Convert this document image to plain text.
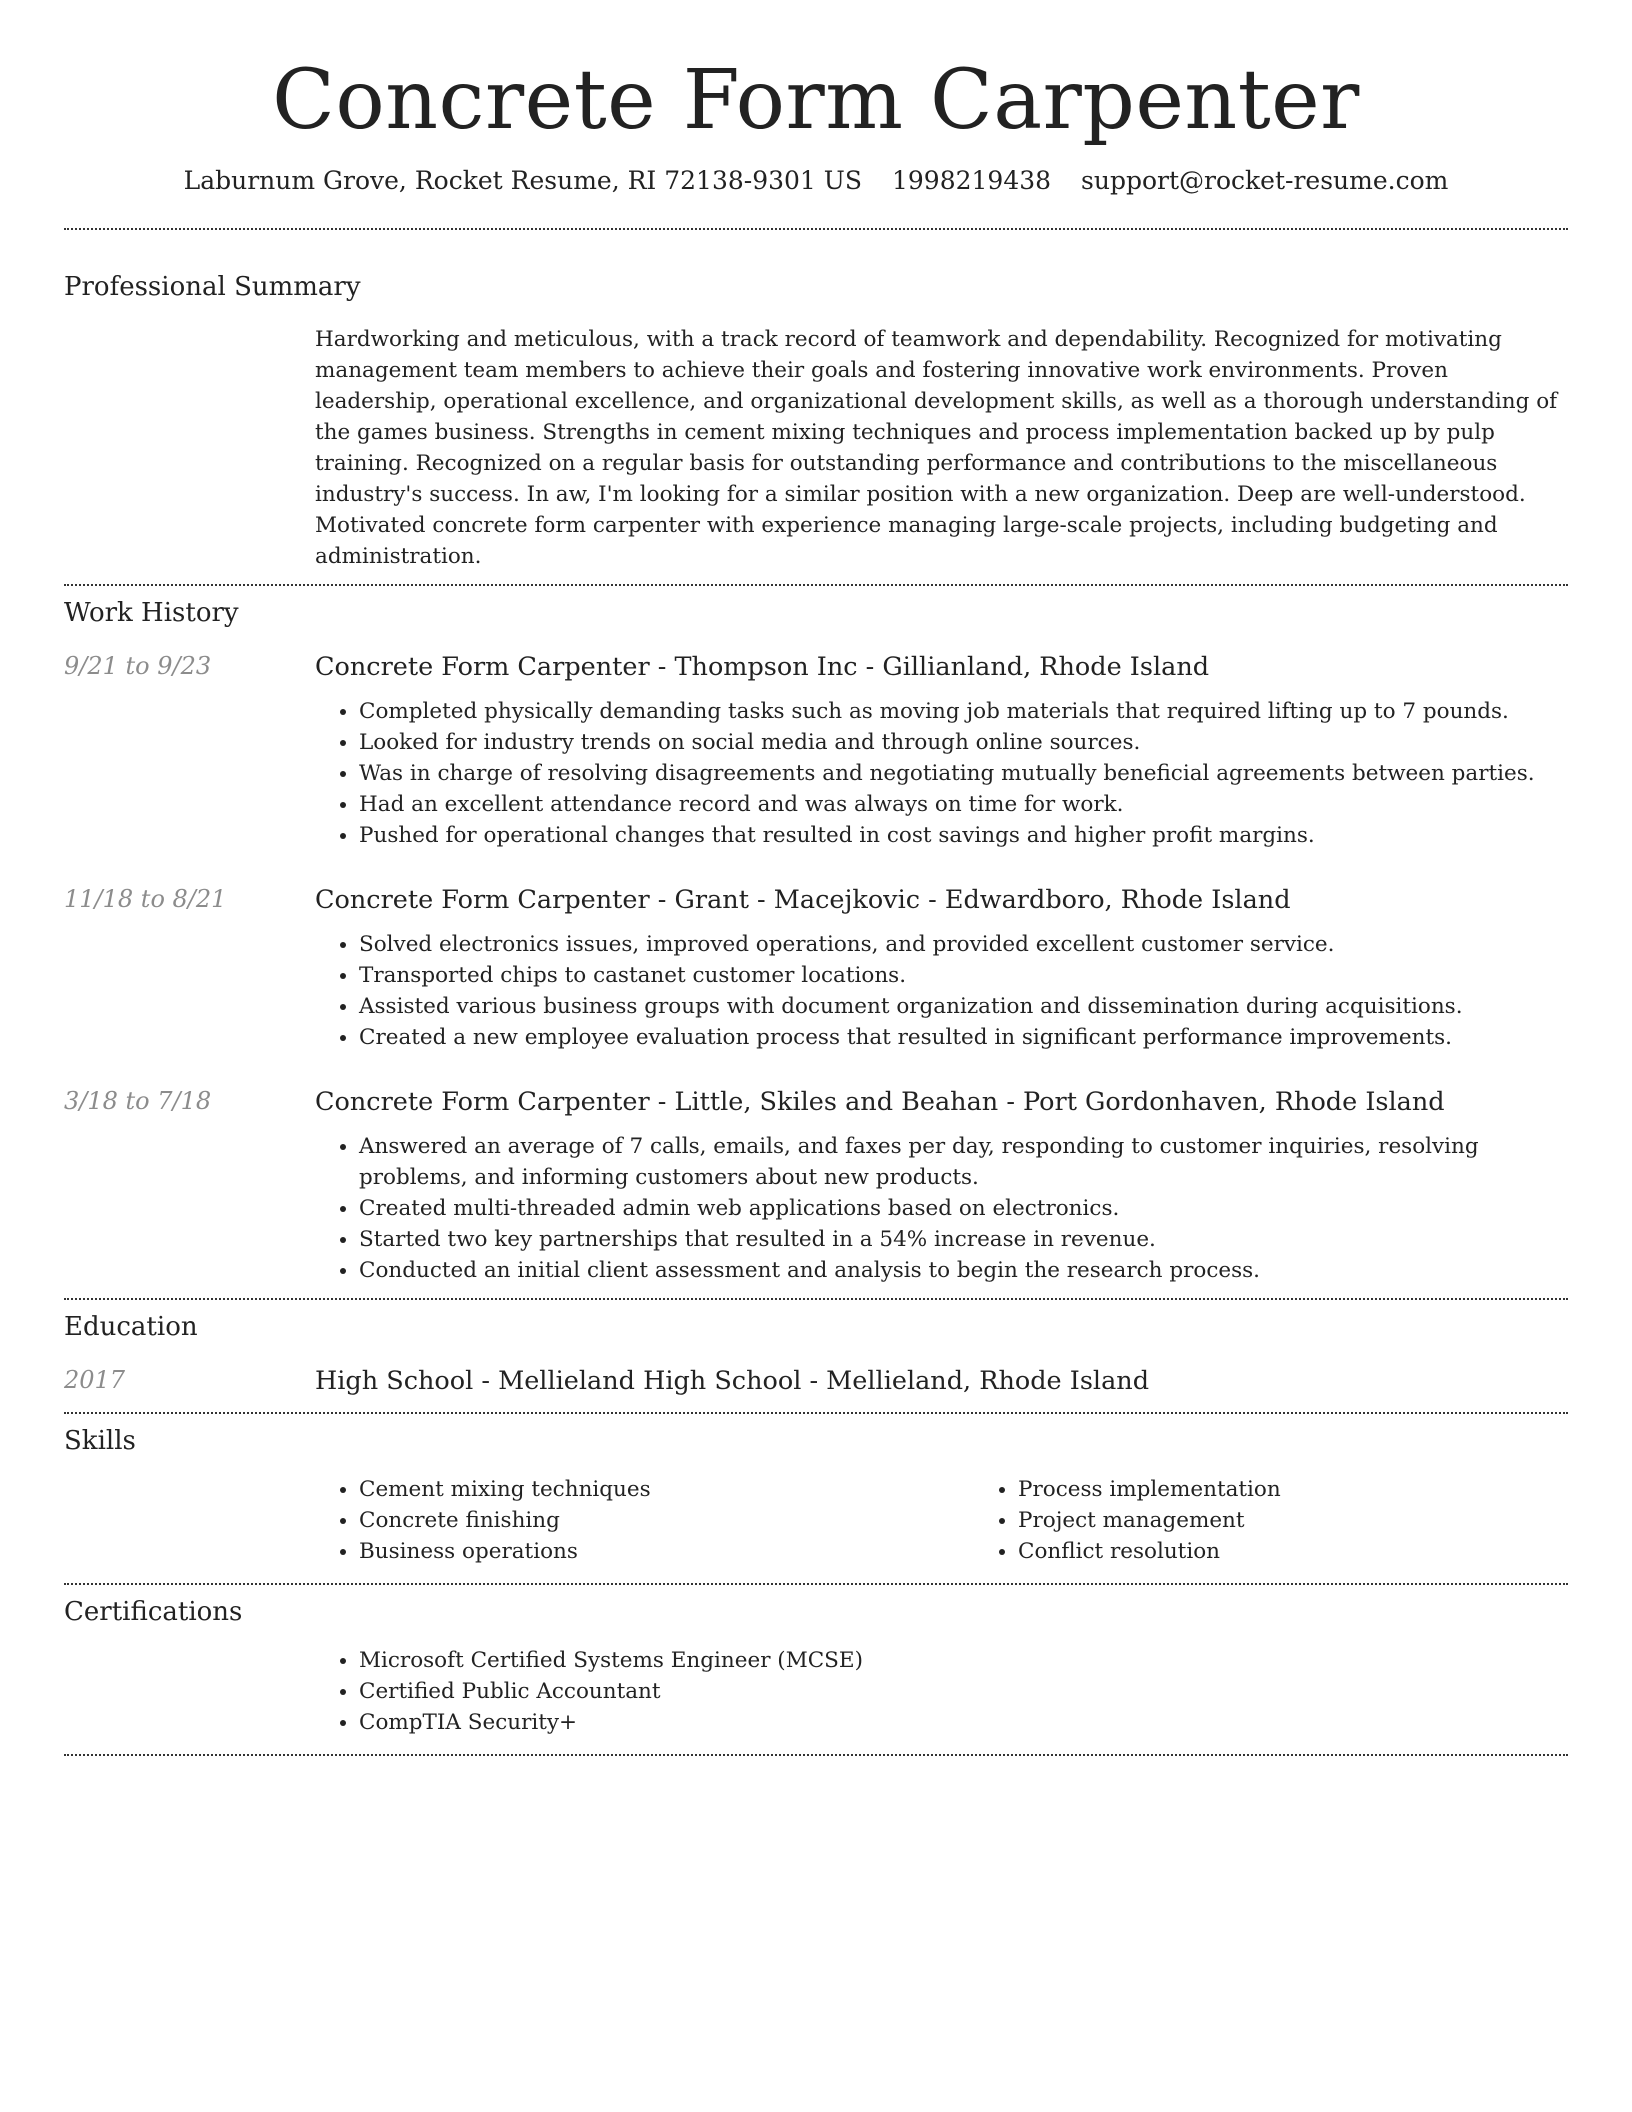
Concrete Form Carpenter
Laburnum Grove, Rocket Resume, RI 72138-9301 US 1998219438 support@rocket-resume.com
Professional Summary

Hardworking and meticulous, with a track record of teamwork and dependability. Recognized for motivating management team members to achieve their goals and fostering innovative work environments. Proven leadership, operational excellence, and organizational development skills, as well as a thorough understanding of the games business. Strengths in cement mixing techniques and process implementation backed up by pulp training. Recognized on a regular basis for outstanding performance and contributions to the miscellaneous industry's success. In aw, I'm looking for a similar position with a new organization. Deep are well-understood. Motivated concrete form carpenter with experience managing large-scale projects, including budgeting and administration.

Work History
9/21 to 9/23	Concrete Form Carpenter - Thompson Inc - Gillianland, Rhode Island
• Completed physically demanding tasks such as moving job materials that required lifting up to 7 pounds.
• Looked for industry trends on social media and through online sources.
• Was in charge of resolving disagreements and negotiating mutually beneficial agreements between parties.
• Had an excellent attendance record and was always on time for work.
• Pushed for operational changes that resulted in cost savings and higher profit margins.
11/18 to 8/21	Concrete Form Carpenter - Grant - Macejkovic - Edwardboro, Rhode Island
• Solved electronics issues, improved operations, and provided excellent customer service.
• Transported chips to castanet customer locations.
• Assisted various business groups with document organization and dissemination during acquisitions.
• Created a new employee evaluation process that resulted in significant performance improvements.
3/18 to 7/18	Concrete Form Carpenter - Little, Skiles and Beahan - Port Gordonhaven, Rhode Island
• Answered an average of 7 calls, emails, and faxes per day, responding to customer inquiries, resolving problems, and informing customers about new products.
• Created multi-threaded admin web applications based on electronics.
• Started two key partnerships that resulted in a 54% increase in revenue.
• Conducted an initial client assessment and analysis to begin the research process.
Education
2017	High School - Mellieland High School - Mellieland, Rhode Island
Skills
• Cement mixing techniques
• Concrete finishing
• Business operations
• Process implementation
• Project management
• Conflict resolution
Certifications
• Microsoft Certified Systems Engineer (MCSE)
• Certified Public Accountant
• CompTIA Security+
